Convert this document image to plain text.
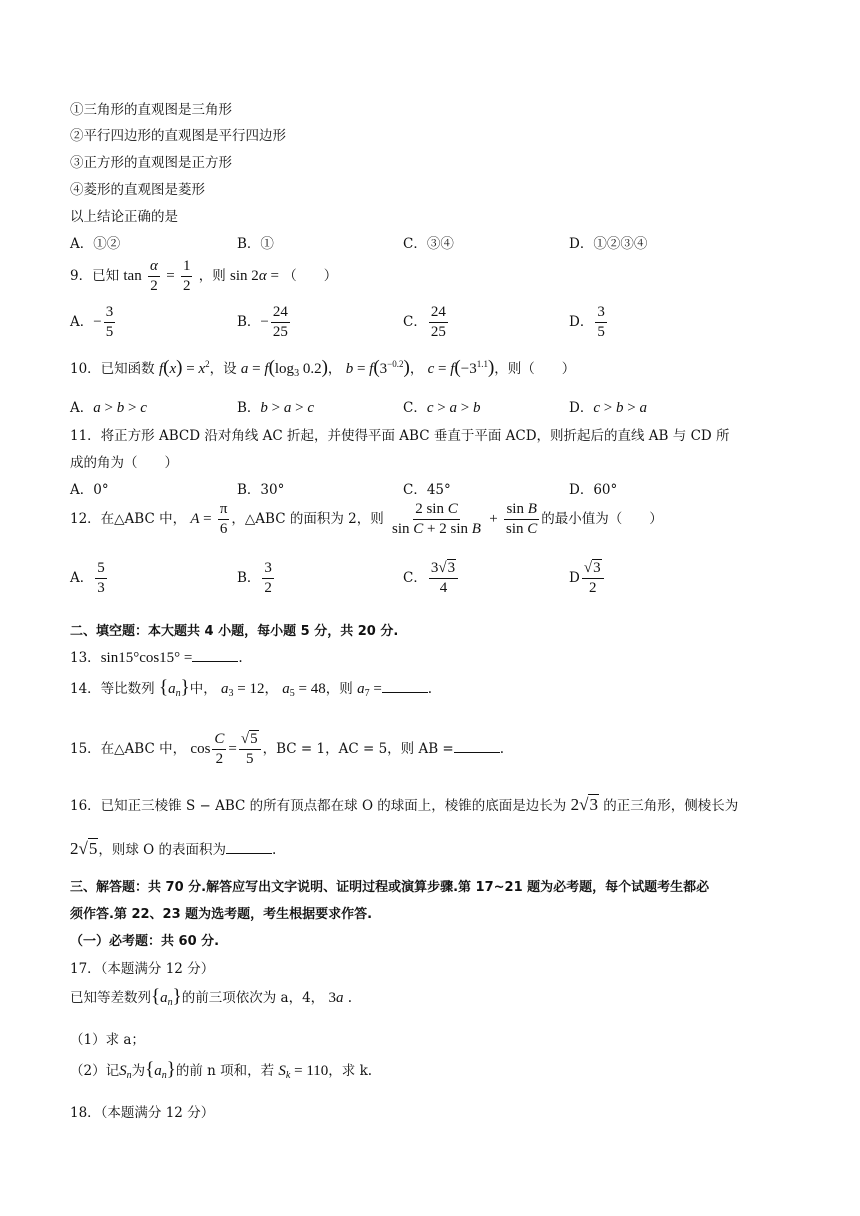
①三角形的直观图是三角形
②平行四边形的直观图是平行四边形
③正方形的直观图是正方形
④菱形的直观图是菱形
以上结论正确的是
A．①②	B．①	C．③④	D．①②③④
9．已知 $\tan \frac{\alpha}{2} = \frac{1}{2}$ ，则 sin 2α = （　　）
A．− $\frac{3}{5}$	B．− $\frac{24}{25}$	C． $\frac{24}{25}$	D． $\frac{3}{5}$
10．已知函数 $f(x) = x^2$，设 $a = f(\log_3$ 0.2)， $b = f(3^{-0.2})$， $c = f(-3^{1.1})$，则（　　）
A．a > b > c	B．b > a > c	C．c > a > b	D．c > b > a
11．将正方形 ABCD 沿对角线 AC 折起，并使得平面 ABC 垂直于平面 ACD，则折起后的直线 AB 与 CD 所
成的角为（　　）
A．0°	B．30°	C．45°	D．60°
12．在△ABC 中， $A = \frac{\pi}{6}$ ，△ABC 的面积为 2，则 $\frac{\text{2 sin C}}{\text{sin C + 2 sin B}} + \frac{\text{sin B}}{\text{sin C}}$ 的最小值为（　　）
A． $\frac{5}{3}$	B． $\frac{3}{2}$	C． $\frac{3√3}{4}$	D $\frac{√3}{2}$
二、填空题：本大题共 4 小题，每小题 5 分，共 20 分.
13．sin15°cos15° =	.
14．等比数列 $\{a_n\}$中， $a_3 = 12$， $a_5 = 48$，则 $a_7$ =	.
15．在△ABC 中， $\cos \frac{C}{2} = \frac{√5}{5}$ ，BC = 1，AC = 5，则 AB =	.
16．已知正三棱锥 S − ABC 的所有顶点都在球 O 的球面上，棱锥的底面是边长为 2√3 的正三角形，侧棱长为
2√5，则球 O 的表面积为	.
三、解答题：共 70 分.解答应写出文字说明、证明过程或演算步骤.第 17~21 题为必考题，每个试题考生都必
须作答.第 22、23 题为选考题，考生根据要求作答.
（一）必考题：共 60 分.
17．（本题满分 12 分）
已知等差数列$\{a_n\}$的前三项依次为 a，4， 3a .
（1）求 a；
（2）记$S_n$为$\{a_n\}$的前 n 项和，若 $S_k = 110$，求 k.
18．（本题满分 12 分）
